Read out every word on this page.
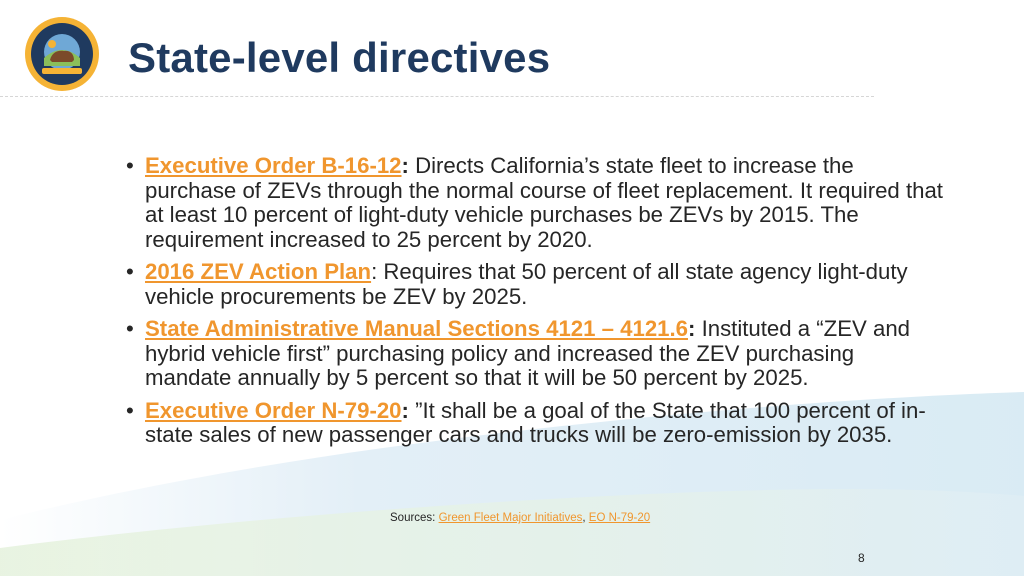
State-level directives
• Executive Order B-16-12: Directs California’s state fleet to increase the purchase of ZEVs through the normal course of fleet replacement. It required that at least 10 percent of light-duty vehicle purchases be ZEVs by 2015. The requirement increased to 25 percent by 2020.
• 2016 ZEV Action Plan: Requires that 50 percent of all state agency light-duty vehicle procurements be ZEV by 2025.
• State Administrative Manual Sections 4121 – 4121.6: Instituted a “ZEV and hybrid vehicle first” purchasing policy and increased the ZEV purchasing mandate annually by 5 percent so that it will be 50 percent by 2025.
• Executive Order N-79-20: ”It shall be a goal of the State that 100 percent of in-state sales of new passenger cars and trucks will be zero-emission by 2035.
Sources: Green Fleet Major Initiatives, EO N-79-20
8
